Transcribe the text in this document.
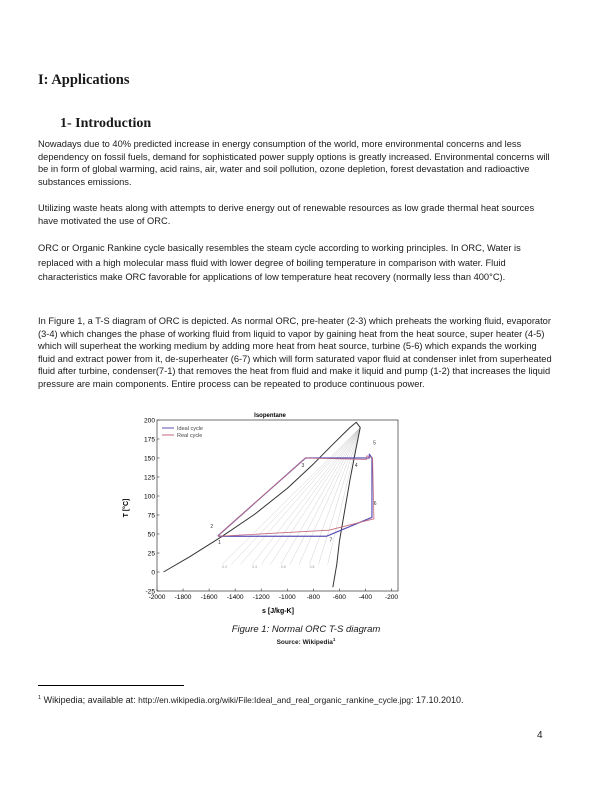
I: Applications
1- Introduction

Nowadays due to 40% predicted increase in energy consumption of the world, more environmental concerns and less dependency on fossil fuels, demand for sophisticated power supply options is greatly increased. Environmental concerns will be in form of global warming, acid rains, air, water and soil pollution, ozone depletion, forest devastation and radioactive substances emissions.

Utilizing waste heats along with attempts to derive energy out of renewable resources as low grade thermal heat sources have motivated the use of ORC.

ORC or Organic Rankine cycle basically resembles the steam cycle according to working principles. In ORC, Water is replaced with a high molecular mass fluid with lower degree of boiling temperature in comparison with water. Fluid characteristics make ORC favorable for applications of low temperature heat recovery (normally less than 400°C).

In Figure 1, a T-S diagram of ORC is depicted. As normal ORC, pre-heater (2-3) which preheats the working fluid, evaporator (3-4) which changes the phase of working fluid from liquid to vapor by gaining heat from the heat source, super heater (4-5) which will superheat the working medium by adding more heat from heat source, turbine (5-6) which expands the working fluid and extract power from it, de-superheater (6-7) which will form saturated vapor fluid at condenser inlet from superheated fluid after turbine, condenser(7-1) that removes the heat from fluid and make it liquid and pump (1-2) that increases the liquid pressure are main components. Entire process can be repeated to produce continuous power.

Isopentane
-2000 -1800 -1600 -1400 -1200 -1000 -800 -600 -400 -200
-25
0
25
50
75
100
125
150
175
200
0.2	0.4	0.6	0.8
1
2
3	4
5
6
7
Ideal cycle
Real cycle
s [J/kg-K]
T [°C]
Figure 1: Normal ORC T-S diagram
Source: Wikipedia$^1$
$^1$ Wikipedia; available at: http://en.wikipedia.org/wiki/File:Ideal_and_real_organic_rankine_cycle.jpg: 17.10.2010.
4
